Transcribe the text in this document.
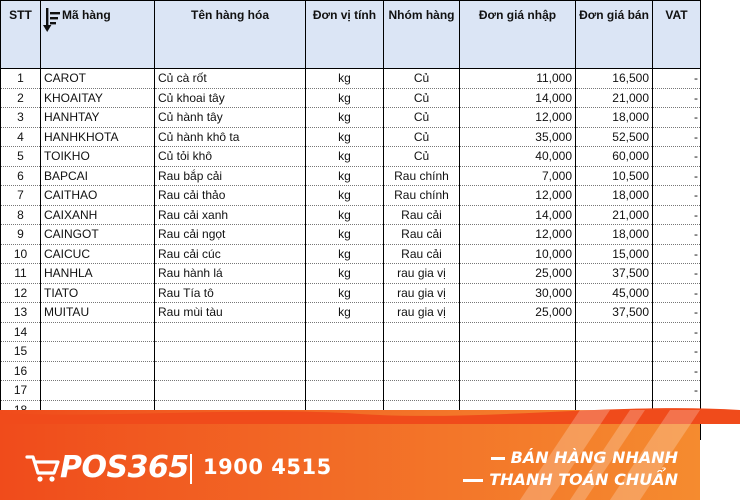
STT	Mã hàng	Tên hàng hóa	Đơn vị tính	Nhóm hàng	Đơn giá nhập	Đơn giá bán	VAT
1	CAROT	Củ cà rốt	kg	Củ	11,000	16,500	-
2	KHOAITAY	Củ khoai tây	kg	Củ	14,000	21,000	-
3	HANHTAY	Củ hành tây	kg	Củ	12,000	18,000	-
4	HANHKHOTA	Củ hành khô ta	kg	Củ	35,000	52,500	-
5	TOIKHO	Củ tỏi khô	kg	Củ	40,000	60,000	-
6	BAPCAI	Rau bắp cải	kg	Rau chính	7,000	10,500	-
7	CAITHAO	Rau cải thảo	kg	Rau chính	12,000	18,000	-
8	CAIXANH	Rau cải xanh	kg	Rau cải	14,000	21,000	-
9	CAINGOT	Rau cải ngọt	kg	Rau cải	12,000	18,000	-
10	CAICUC	Rau cải cúc	kg	Rau cải	10,000	15,000	-
11	HANHLA	Rau hành lá	kg	rau gia vị	25,000	37,500	-
12	TIATO	Rau Tía tô	kg	rau gia vị	30,000	45,000	-
13	MUITAU	Rau mùi tàu	kg	rau gia vị	25,000	37,500	-
14							-
15							-
16							-
17							-

POS365 1900 4515	BÁN HÀNG NHANH
THANH TOÁN CHUẨN
